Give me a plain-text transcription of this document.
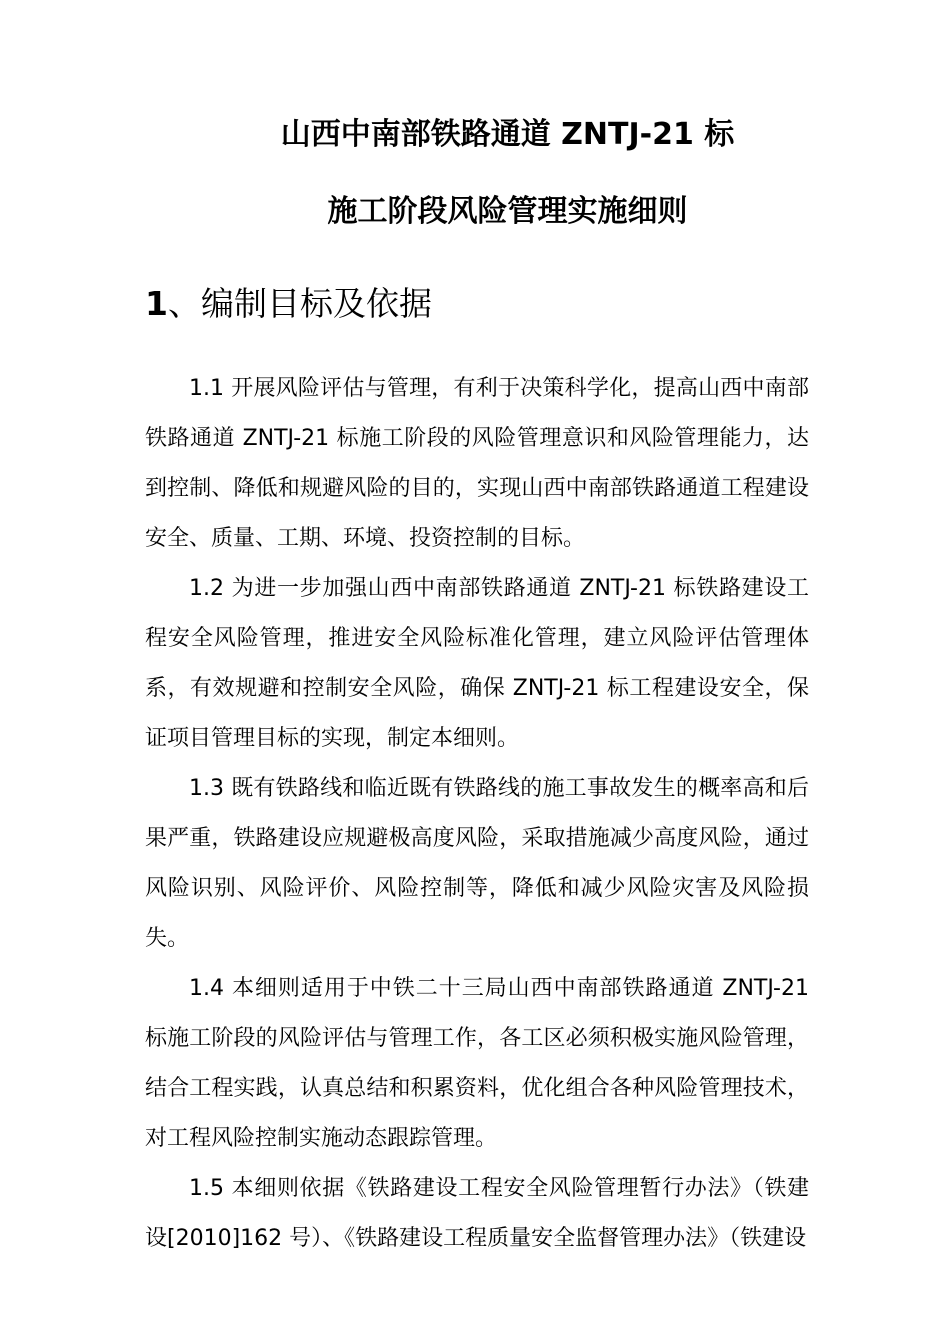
山西中南部铁路通道 ZNTJ-21 标
施工阶段风险管理实施细则
1、编制目标及依据

1.1 开展风险评估与管理，有利于决策科学化，提高山西中南部铁路通道 ZNTJ-21 标施工阶段的风险管理意识和风险管理能力，达到控制、降低和规避风险的目的，实现山西中南部铁路通道工程建设安全、质量、工期、环境、投资控制的目标。

1.2 为进一步加强山西中南部铁路通道 ZNTJ-21 标铁路建设工程安全风险管理，推进安全风险标准化管理，建立风险评估管理体系，有效规避和控制安全风险，确保 ZNTJ-21 标工程建设安全，保证项目管理目标的实现，制定本细则。

1.3 既有铁路线和临近既有铁路线的施工事故发生的概率高和后果严重，铁路建设应规避极高度风险，采取措施减少高度风险，通过风险识别、风险评价、风险控制等，降低和减少风险灾害及风险损失。

1.4 本细则适用于中铁二十三局山西中南部铁路通道 ZNTJ-21 标施工阶段的风险评估与管理工作，各工区必须积极实施风险管理，结合工程实践，认真总结和积累资料，优化组合各种风险管理技术，对工程风险控制实施动态跟踪管理。

1.5 本细则依据《铁路建设工程安全风险管理暂行办法》（铁建设[2010]162 号）、《铁路建设工程质量安全监督管理办法》（铁建设
